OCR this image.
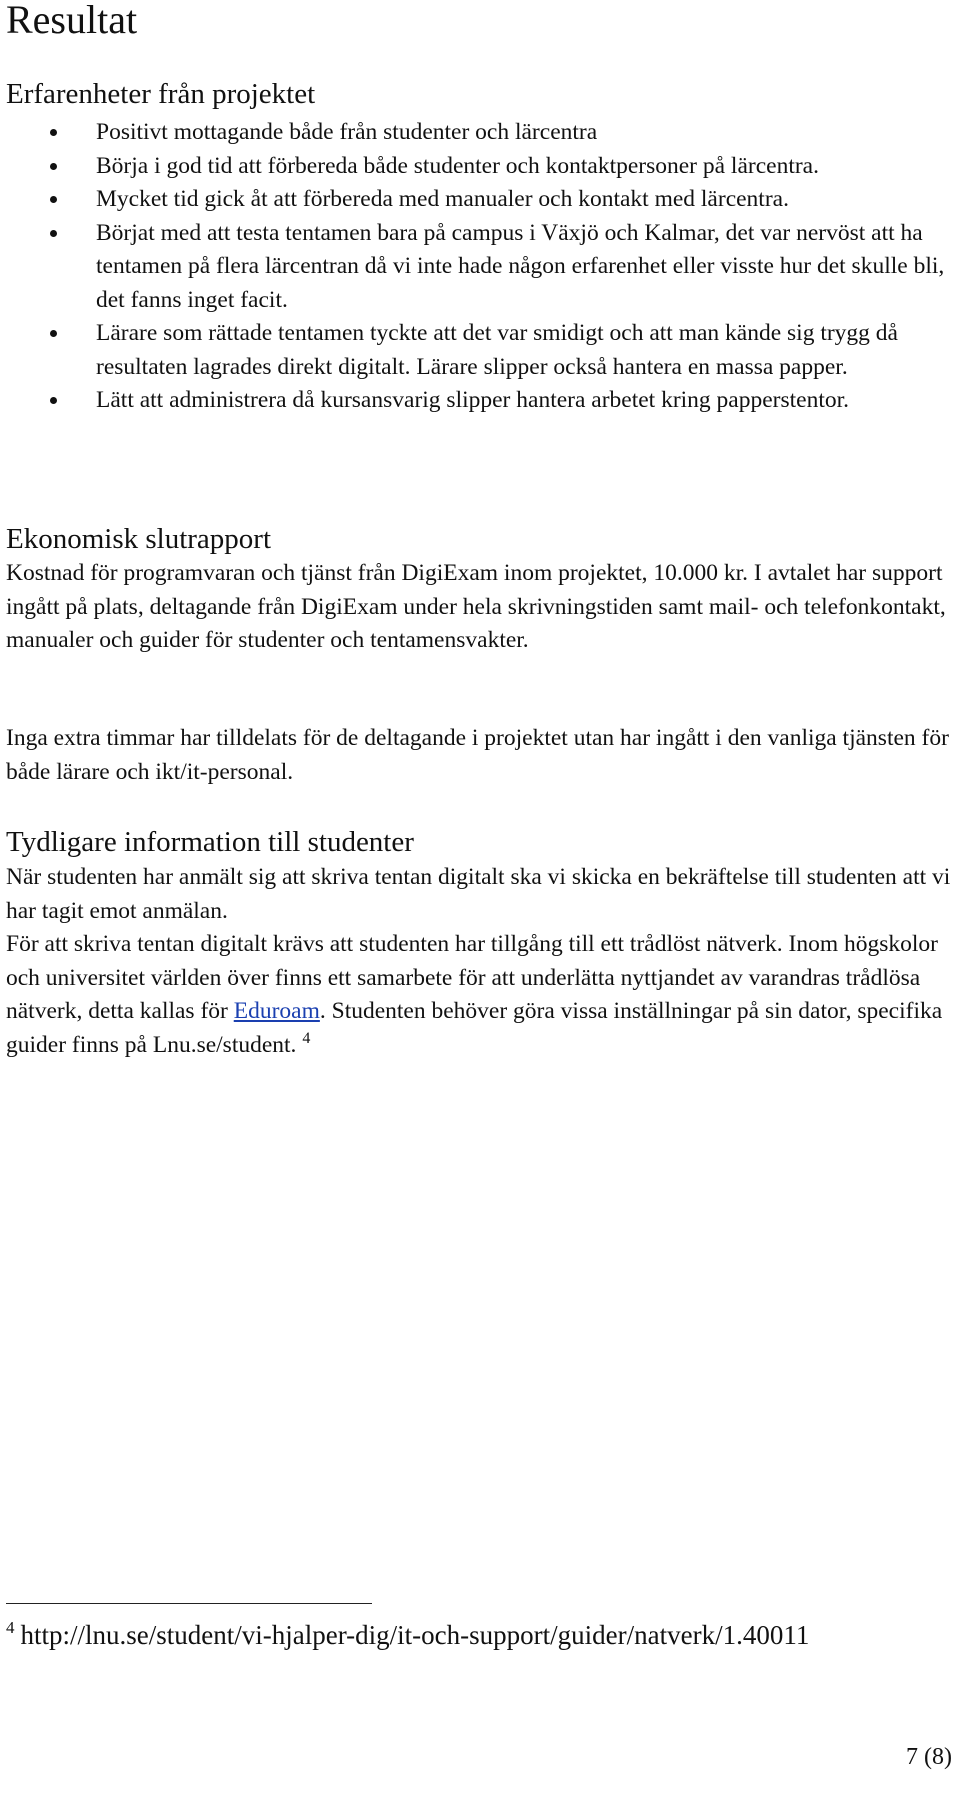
Resultat
Erfarenheter från projektet
Positivt mottagande både från studenter och lärcentra
Börja i god tid att förbereda både studenter och kontaktpersoner på lärcentra.
Mycket tid gick åt att förbereda med manualer och kontakt med lärcentra.
Börjat med att testa tentamen bara på campus i Växjö och Kalmar, det var nervöst att ha tentamen på flera lärcentran då vi inte hade någon erfarenhet eller visste hur det skulle bli, det fanns inget facit.
Lärare som rättade tentamen tyckte att det var smidigt och att man kände sig trygg då resultaten lagrades direkt digitalt. Lärare slipper också hantera en massa papper.
Lätt att administrera då kursansvarig slipper hantera arbetet kring papperstentor.
Ekonomisk slutrapport

Kostnad för programvaran och tjänst från DigiExam inom projektet, 10.000 kr. I avtalet har support ingått på plats, deltagande från DigiExam under hela skrivningstiden samt mail- och telefonkontakt, manualer och guider för studenter och tentamensvakter.

Inga extra timmar har tilldelats för de deltagande i projektet utan har ingått i den vanliga tjänsten för både lärare och ikt/it-personal.

Tydligare information till studenter

När studenten har anmält sig att skriva tentan digitalt ska vi skicka en bekräftelse till studenten att vi har tagit emot anmälan.

För att skriva tentan digitalt krävs att studenten har tillgång till ett trådlöst nätverk. Inom högskolor och universitet världen över finns ett samarbete för att underlätta nyttjandet av varandras trådlösa nätverk, detta kallas för Eduroam. Studenten behöver göra vissa inställningar på sin dator, specifika guider finns på Lnu.se/student. $^4$

$^4$ http://lnu.se/student/vi-hjalper-dig/it-och-support/guider/natverk/1.40011

7 (8)
